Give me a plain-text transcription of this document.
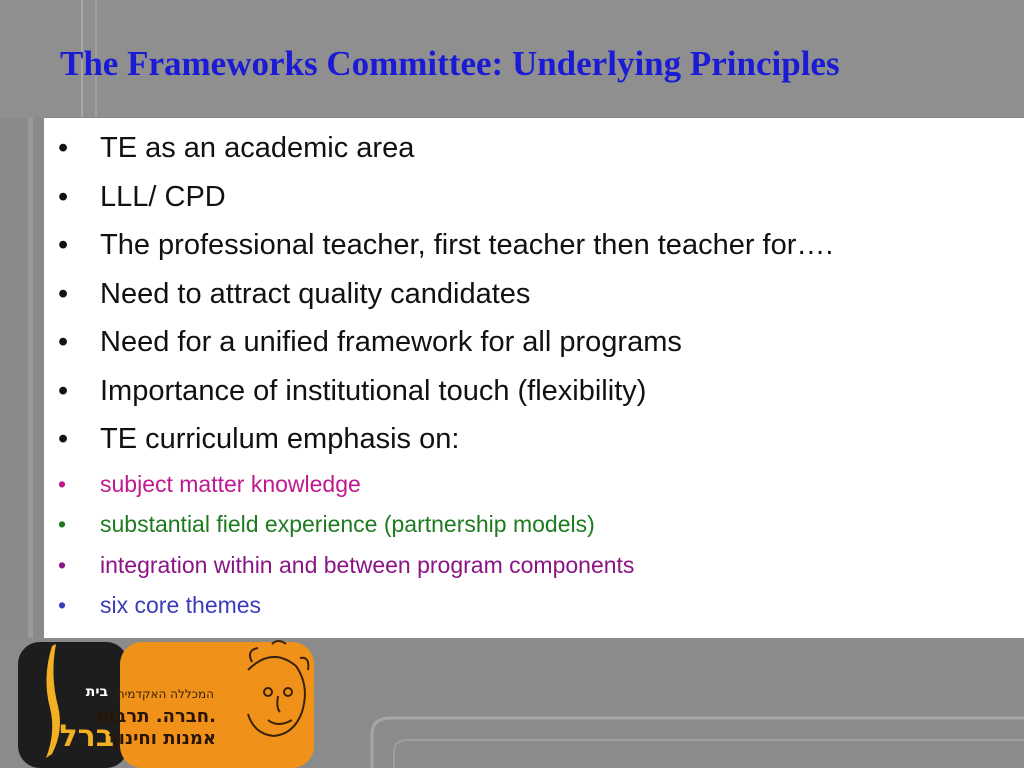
The Frameworks Committee: Underlying Principles
• TE as an academic area
• LLL/ CPD
• The professional teacher, first teacher then teacher for….
• Need to attract quality candidates
• Need for a unified framework for all programs
• Importance of institutional touch (flexibility)
• TE curriculum emphasis on:
• subject matter knowledge
• substantial field experience (partnership models)
• integration within and between program components
• six core themes
בית
ברל
המכללה האקדמית
חברה. תרבות.
אמנות וחינוך
